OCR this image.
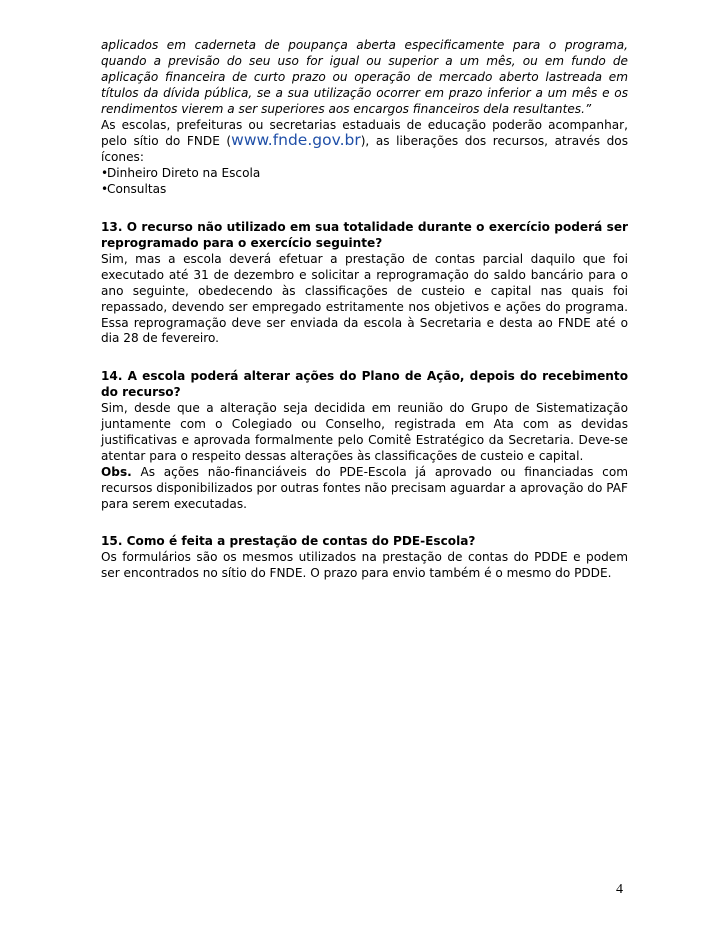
aplicados em caderneta de poupança aberta especificamente para o programa, quando a previsão do seu uso for igual ou superior a um mês, ou em fundo de aplicação financeira de curto prazo ou operação de mercado aberto lastreada em títulos da dívida pública, se a sua utilização ocorrer em prazo inferior a um mês e os rendimentos vierem a ser superiores aos encargos financeiros dela resultantes.”

As escolas, prefeituras ou secretarias estaduais de educação poderão acompanhar, pelo sítio do FNDE (www.fnde.gov.br), as liberações dos recursos, através dos ícones:

•Dinheiro Direto na Escola

•Consultas

13. O recurso não utilizado em sua totalidade durante o exercício poderá ser reprogramado para o exercício seguinte?

Sim, mas a escola deverá efetuar a prestação de contas parcial daquilo que foi executado até 31 de dezembro e solicitar a reprogramação do saldo bancário para o ano seguinte, obedecendo às classificações de custeio e capital nas quais foi repassado, devendo ser empregado estritamente nos objetivos e ações do programa. Essa reprogramação deve ser enviada da escola à Secretaria e desta ao FNDE até o dia 28 de fevereiro.

14. A escola poderá alterar ações do Plano de Ação, depois do recebimento do recurso?

Sim, desde que a alteração seja decidida em reunião do Grupo de Sistematização juntamente com o Colegiado ou Conselho, registrada em Ata com as devidas justificativas e aprovada formalmente pelo Comitê Estratégico da Secretaria. Deve-se atentar para o respeito dessas alterações às classificações de custeio e capital.

Obs. As ações não-financiáveis do PDE-Escola já aprovado ou financiadas com recursos disponibilizados por outras fontes não precisam aguardar a aprovação do PAF para serem executadas.

15. Como é feita a prestação de contas do PDE-Escola?

Os formulários são os mesmos utilizados na prestação de contas do PDDE e podem ser encontrados no sítio do FNDE. O prazo para envio também é o mesmo do PDDE.

4
